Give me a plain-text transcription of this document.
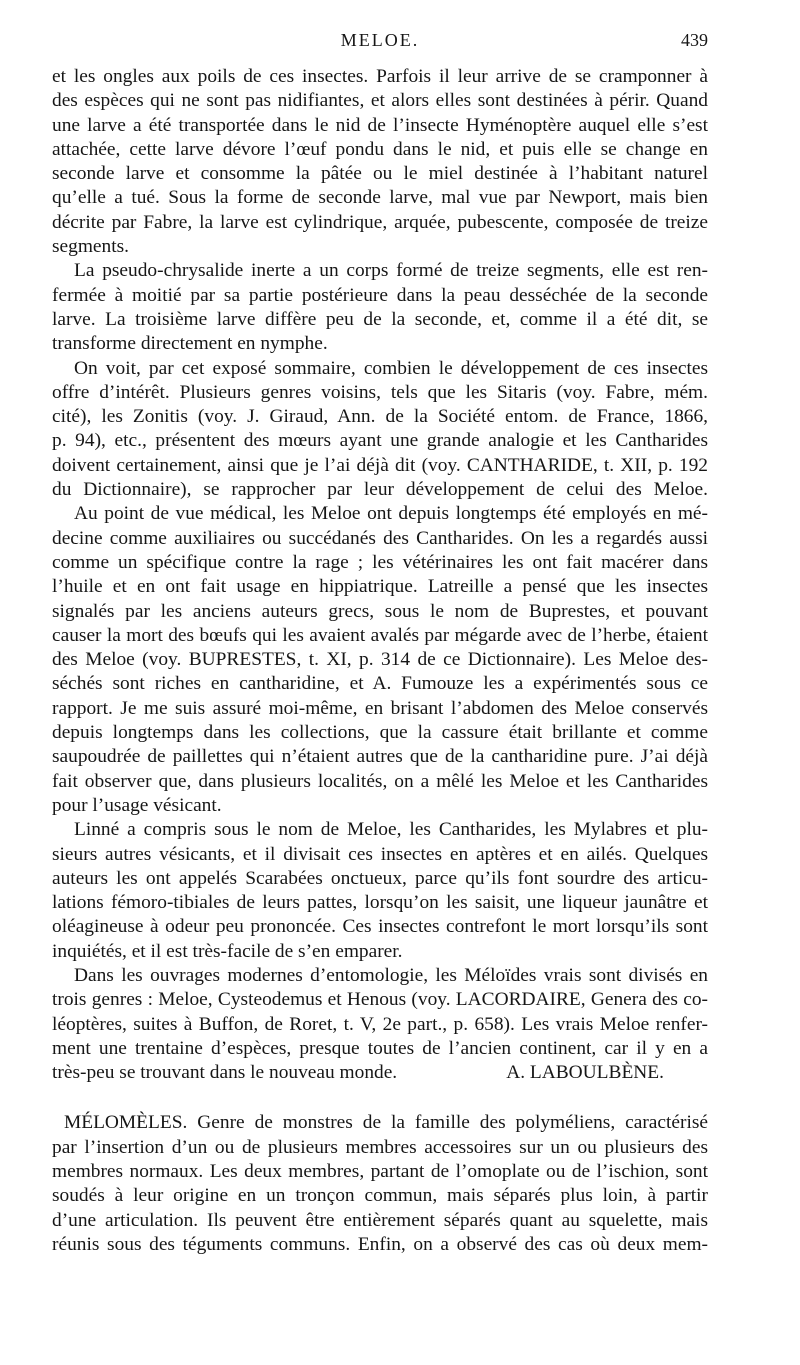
MELOE.	439
et les ongles aux poils de ces insectes. Parfois il leur arrive de se cramponner à
des espèces qui ne sont pas nidifiantes, et alors elles sont destinées à périr. Quand
une larve a été transportée dans le nid de l’insecte Hyménoptère auquel elle s’est
attachée, cette larve dévore l’œuf pondu dans le nid, et puis elle se change en
seconde larve et consomme la pâtée ou le miel destinée à l’habitant naturel
qu’elle a tué. Sous la forme de seconde larve, mal vue par Newport, mais bien
décrite par Fabre, la larve est cylindrique, arquée, pubescente, composée de treize
segments.
La pseudo-chrysalide inerte a un corps formé de treize segments, elle est ren-
fermée à moitié par sa partie postérieure dans la peau desséchée de la seconde
larve. La troisième larve diffère peu de la seconde, et, comme il a été dit, se
transforme directement en nymphe.
On voit, par cet exposé sommaire, combien le développement de ces insectes
offre d’intérêt. Plusieurs genres voisins, tels que les Sitaris (voy. Fabre, mém.
cité), les Zonitis (voy. J. Giraud, Ann. de la Société entom. de France, 1866,
p. 94), etc., présentent des mœurs ayant une grande analogie et les Cantharides
doivent certainement, ainsi que je l’ai déjà dit (voy. CANTHARIDE, t. XII, p. 192
du Dictionnaire), se rapprocher par leur développement de celui des Meloe.
Au point de vue médical, les Meloe ont depuis longtemps été employés en mé-
decine comme auxiliaires ou succédanés des Cantharides. On les a regardés aussi
comme un spécifique contre la rage ; les vétérinaires les ont fait macérer dans
l’huile et en ont fait usage en hippiatrique. Latreille a pensé que les insectes
signalés par les anciens auteurs grecs, sous le nom de Buprestes, et pouvant
causer la mort des bœufs qui les avaient avalés par mégarde avec de l’herbe, étaient
des Meloe (voy. BUPRESTES, t. XI, p. 314 de ce Dictionnaire). Les Meloe des-
séchés sont riches en cantharidine, et A. Fumouze les a expérimentés sous ce
rapport. Je me suis assuré moi-même, en brisant l’abdomen des Meloe conservés
depuis longtemps dans les collections, que la cassure était brillante et comme
saupoudrée de paillettes qui n’étaient autres que de la cantharidine pure. J’ai déjà
fait observer que, dans plusieurs localités, on a mêlé les Meloe et les Cantharides
pour l’usage vésicant.
Linné a compris sous le nom de Meloe, les Cantharides, les Mylabres et plu-
sieurs autres vésicants, et il divisait ces insectes en aptères et en ailés. Quelques
auteurs les ont appelés Scarabées onctueux, parce qu’ils font sourdre des articu-
lations fémoro-tibiales de leurs pattes, lorsqu’on les saisit, une liqueur jaunâtre et
oléagineuse à odeur peu prononcée. Ces insectes contrefont le mort lorsqu’ils sont
inquiétés, et il est très-facile de s’en emparer.
Dans les ouvrages modernes d’entomologie, les Méloïdes vrais sont divisés en
trois genres : Meloe, Cysteodemus et Henous (voy. LACORDAIRE, Genera des co-
léoptères, suites à Buffon, de Roret, t. V, 2e part., p. 658). Les vrais Meloe renfer-
ment une trentaine d’espèces, presque toutes de l’ancien continent, car il y en a
très-peu se trouvant dans le nouveau monde.	A. LABOULBÈNE.
MÉLOMÈLES. Genre de monstres de la famille des polyméliens, caractérisé
par l’insertion d’un ou de plusieurs membres accessoires sur un ou plusieurs des
membres normaux. Les deux membres, partant de l’omoplate ou de l’ischion, sont
soudés à leur origine en un tronçon commun, mais séparés plus loin, à partir
d’une articulation. Ils peuvent être entièrement séparés quant au squelette, mais
réunis sous des téguments communs. Enfin, on a observé des cas où deux mem-
